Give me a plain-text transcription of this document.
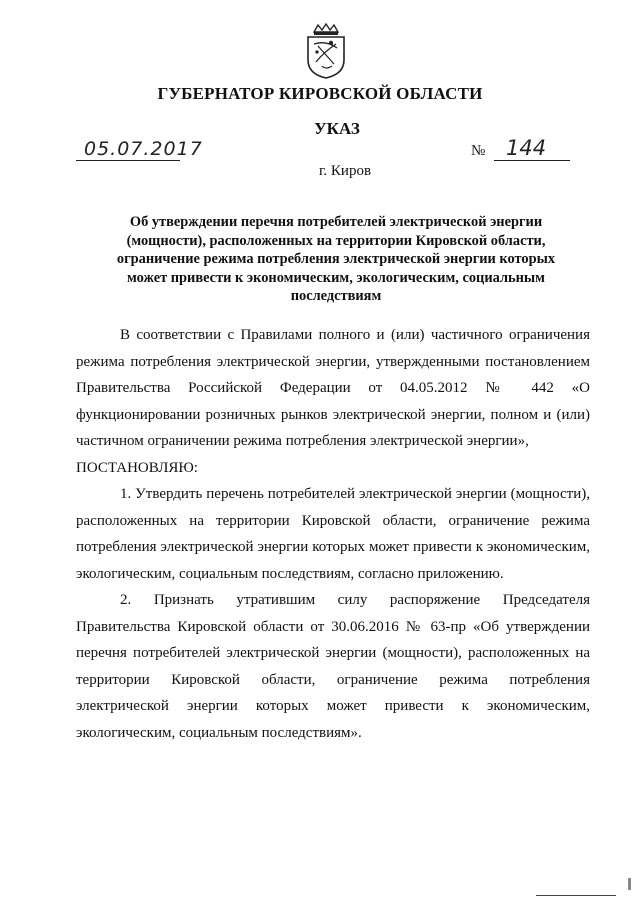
ГУБЕРНАТОР КИРОВСКОЙ ОБЛАСТИ
УКАЗ
05.07.2017	№ 144
г. Киров
Об утверждении перечня потребителей электрической энергии (мощности), расположенных на территории Кировской области, ограничение режима потребления электрической энергии которых может привести к экономическим, экологическим, социальным последствиям

В соответствии с Правилами полного и (или) частичного ограничения режима потребления электрической энергии, утвержденными постановлением Правительства Российской Федерации от 04.05.2012 № 442 «О функционировании розничных рынков электрической энергии, полном и (или) частичном ограничении режима потребления электрической энергии»,

ПОСТАНОВЛЯЮ:

1. Утвердить перечень потребителей электрической энергии (мощности), расположенных на территории Кировской области, ограничение режима потребления электрической энергии которых может привести к экономическим, экологическим, социальным последствиям, согласно приложению.

2. Признать утратившим силу распоряжение Председателя Правительства Кировской области от 30.06.2016 № 63-пр «Об утверждении перечня потребителей электрической энергии (мощности), расположенных на территории Кировской области, ограничение режима потребления электрической энергии которых может привести к экономическим, экологическим, социальным последствиям».
